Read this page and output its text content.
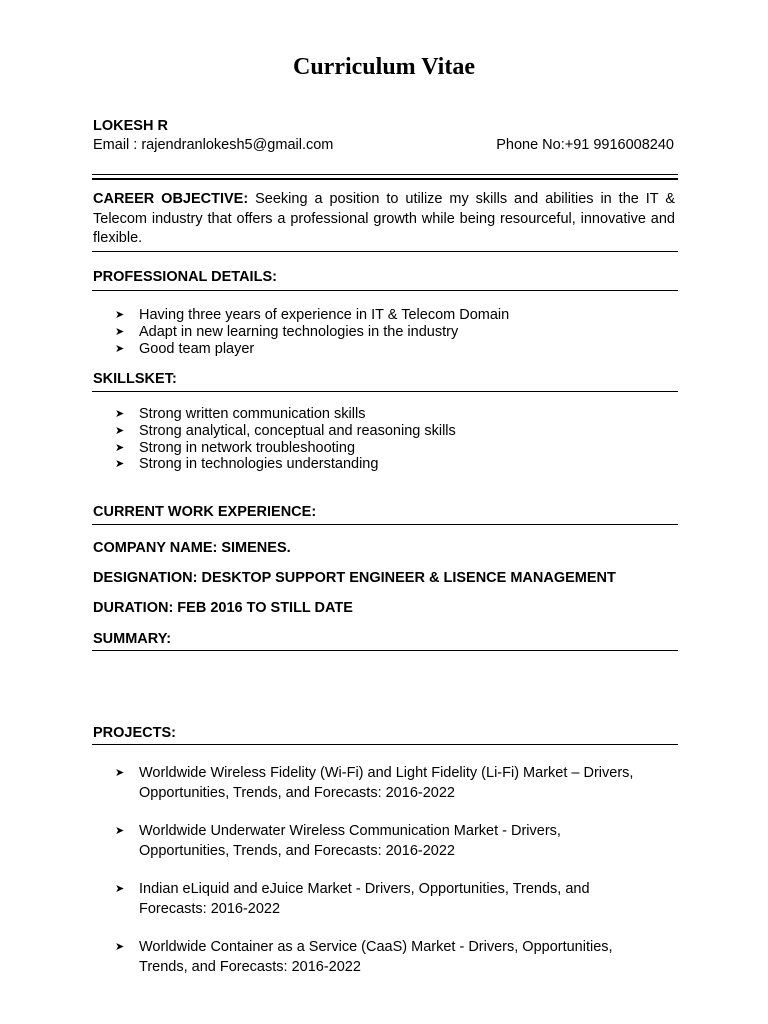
Curriculum Vitae
LOKESH R
Email : rajendranlokesh5@gmail.com	Phone No:+91 9916008240
CAREER OBJECTIVE: Seeking a position to utilize my skills and abilities in the IT & Telecom industry that offers a professional growth while being resourceful, innovative and flexible.
PROFESSIONAL DETAILS:
➤ Having three years of experience in IT & Telecom Domain
➤ Adapt in new learning technologies in the industry
➤ Good team player
SKILLSKET:
➤ Strong written communication skills
➤ Strong analytical, conceptual and reasoning skills
➤ Strong in network troubleshooting
➤ Strong in technologies understanding
CURRENT WORK EXPERIENCE:
COMPANY NAME: SIMENES.
DESIGNATION: DESKTOP SUPPORT ENGINEER & LISENCE MANAGEMENT
DURATION: FEB 2016 TO STILL DATE
SUMMARY:
PROJECTS:
➤ Worldwide Wireless Fidelity (Wi-Fi) and Light Fidelity (Li-Fi) Market – Drivers, Opportunities, Trends, and Forecasts: 2016-2022
➤ Worldwide Underwater Wireless Communication Market - Drivers, Opportunities, Trends, and Forecasts: 2016-2022
➤ Indian eLiquid and eJuice Market - Drivers, Opportunities, Trends, and Forecasts: 2016-2022
➤ Worldwide Container as a Service (CaaS) Market - Drivers, Opportunities, Trends, and Forecasts: 2016-2022
